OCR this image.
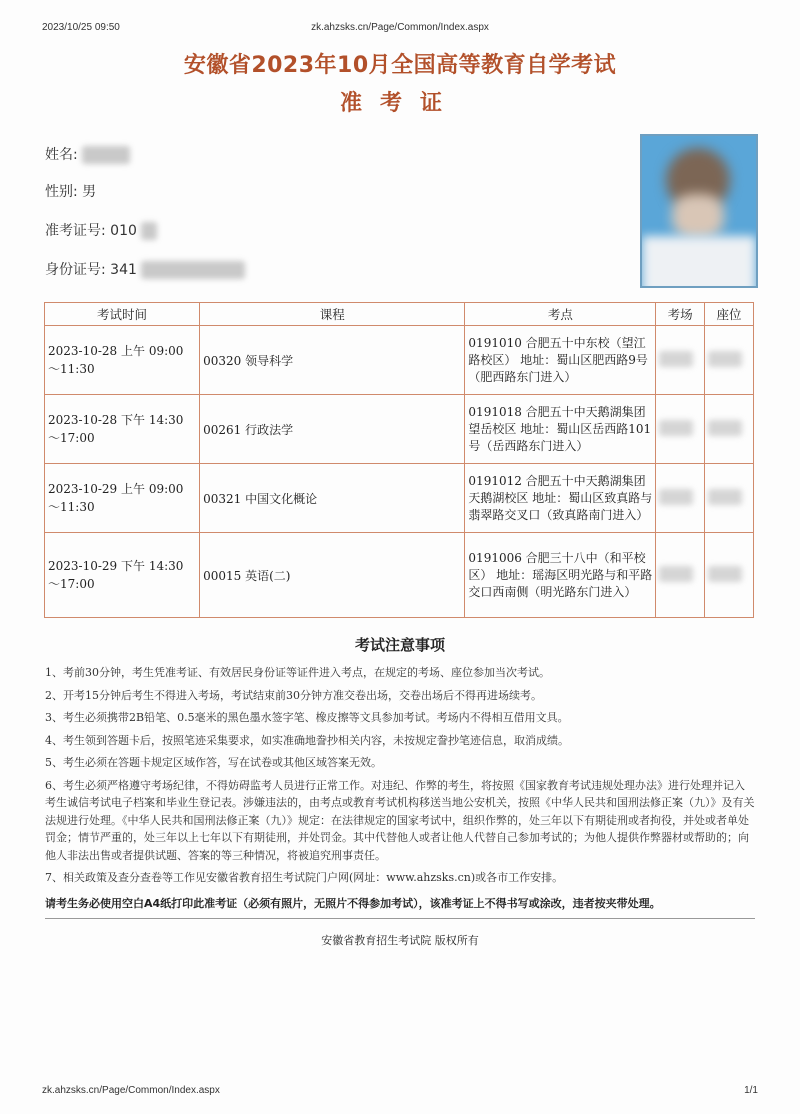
2023/10/25 09:50	zk.ahzsks.cn/Page/Common/Index.aspx
安徽省2023年10月全国高等教育自学考试
准考证
姓名:
性别: 男
准考证号: 010
身份证号: 341
考试时间	课程	考点	考场	座位
2023-10-28 上午 09:00 ～11:30	00320 领导科学	0191010 合肥五十中东校（望江路校区） 地址：蜀山区肥西路9号（肥西路东门进入）		
2023-10-28 下午 14:30 ～17:00	00261 行政法学	0191018 合肥五十中天鹅湖集团望岳校区 地址：蜀山区岳西路101号（岳西路东门进入）		
2023-10-29 上午 09:00 ～11:30	00321 中国文化概论	0191012 合肥五十中天鹅湖集团天鹅湖校区 地址：蜀山区致真路与翡翠路交叉口（致真路南门进入）		
2023-10-29 下午 14:30 ～17:00	00015 英语(二)	0191006 合肥三十八中（和平校区） 地址：瑶海区明光路与和平路交口西南侧（明光路东门进入）		
考试注意事项

1、考前30分钟，考生凭准考证、有效居民身份证等证件进入考点，在规定的考场、座位参加当次考试。

2、开考15分钟后考生不得进入考场，考试结束前30分钟方准交卷出场，交卷出场后不得再进场续考。

3、考生必须携带2B铅笔、0.5毫米的黑色墨水签字笔、橡皮擦等文具参加考试。考场内不得相互借用文具。

4、考生领到答题卡后，按照笔迹采集要求，如实准确地誊抄相关内容，未按规定誊抄笔迹信息，取消成绩。

5、考生必须在答题卡规定区域作答，写在试卷或其他区域答案无效。

6、考生必须严格遵守考场纪律，不得妨碍监考人员进行正常工作。对违纪、作弊的考生，将按照《国家教育考试违规处理办法》进行处理并记入考生诚信考试电子档案和毕业生登记表。涉嫌违法的，由考点或教育考试机构移送当地公安机关，按照《中华人民共和国刑法修正案（九）》及有关法规进行处理。《中华人民共和国刑法修正案（九）》规定：在法律规定的国家考试中，组织作弊的，处三年以下有期徒刑或者拘役，并处或者单处罚金；情节严重的，处三年以上七年以下有期徒刑，并处罚金。其中代替他人或者让他人代替自己参加考试的；为他人提供作弊器材或帮助的；向他人非法出售或者提供试题、答案的等三种情况，将被追究刑事责任。

7、相关政策及查分查卷等工作见安徽省教育招生考试院门户网(网址：www.ahzsks.cn)或各市工作安排。

请考生务必使用空白A4纸打印此准考证（必须有照片，无照片不得参加考试），该准考证上不得书写或涂改，违者按夹带处理。
安徽省教育招生考试院 版权所有
zk.ahzsks.cn/Page/Common/Index.aspx	1/1
